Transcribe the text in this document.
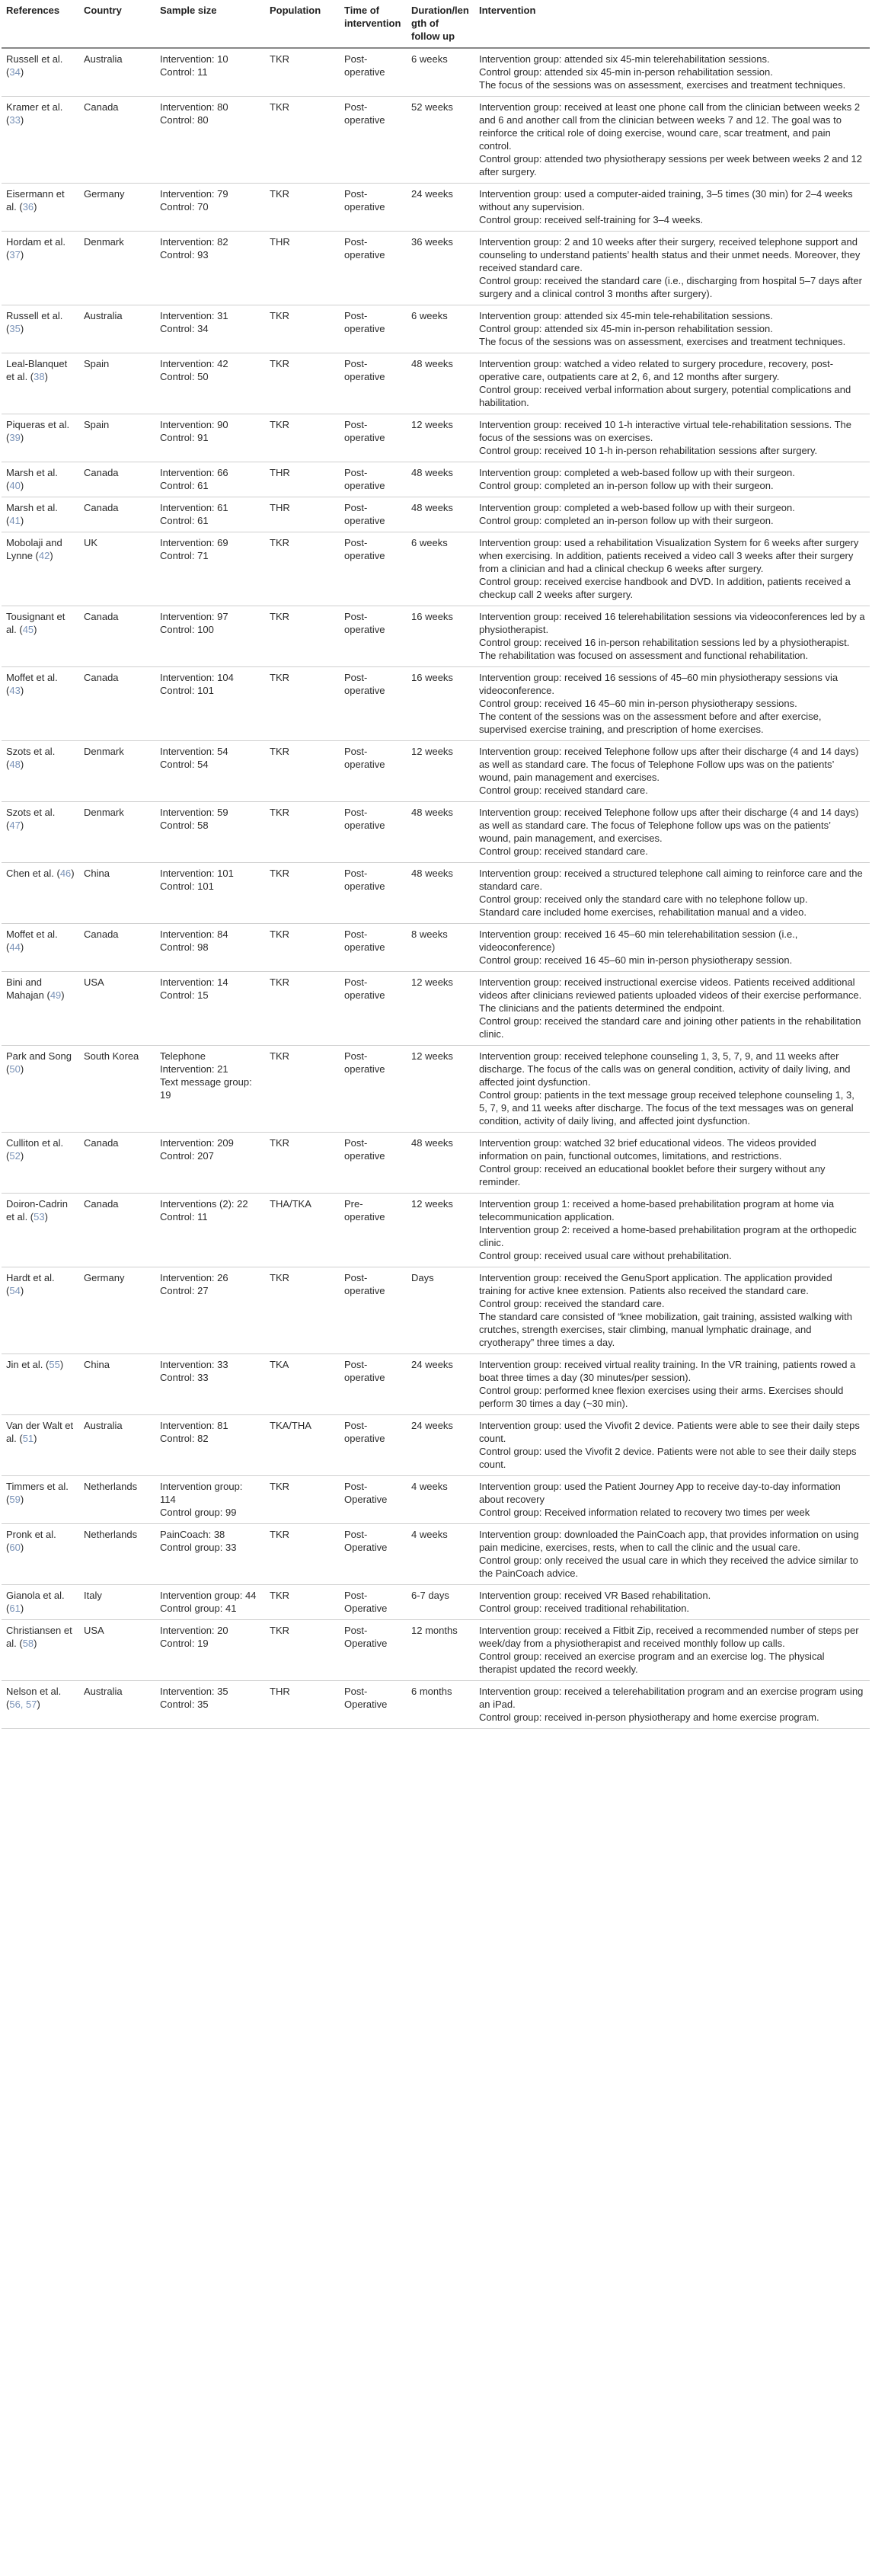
References	Country	Sample size	Population	Time of intervention	Duration/length of follow up	Intervention
Russell et al. (34)	Australia	Intervention: 10
Control: 11	TKR	Post-operative	6 weeks	Intervention group: attended six 45-min telerehabilitation sessions.
Control group: attended six 45-min in-person rehabilitation session.
The focus of the sessions was on assessment, exercises and treatment techniques.

Kramer et al. (33)	Canada	Intervention: 80
Control: 80	TKR	Post-operative	52 weeks	Intervention group: received at least one phone call from the clinician between weeks 2 and 6 and another call from the clinician between weeks 7 and 12. The goal was to reinforce the critical role of doing exercise, wound care, scar treatment, and pain control.
Control group: attended two physiotherapy sessions per week between weeks 2 and 12 after surgery.

Eisermann et al. (36)	Germany	Intervention: 79
Control: 70	TKR	Post-operative	24 weeks	Intervention group: used a computer-aided training, 3–5 times (30 min) for 2–4 weeks without any supervision.
Control group: received self-training for 3–4 weeks.

Hordam et al. (37)	Denmark	Intervention: 82
Control: 93	THR	Post-operative	36 weeks	Intervention group: 2 and 10 weeks after their surgery, received telephone support and counseling to understand patients’ health status and their unmet needs. Moreover, they received standard care.
Control group: received the standard care (i.e., discharging from hospital 5–7 days after surgery and a clinical control 3 months after surgery).

Russell et al. (35)	Australia	Intervention: 31
Control: 34	TKR	Post-operative	6 weeks	Intervention group: attended six 45-min tele-rehabilitation sessions.
Control group: attended six 45-min in-person rehabilitation session.
The focus of the sessions was on assessment, exercises and treatment techniques.

Leal-Blanquet et al. (38)	Spain	Intervention: 42
Control: 50	TKR	Post-operative	48 weeks	Intervention group: watched a video related to surgery procedure, recovery, post-operative care, outpatients care at 2, 6, and 12 months after surgery.
Control group: received verbal information about surgery, potential complications and habilitation.

Piqueras et al. (39)	Spain	Intervention: 90
Control: 91	TKR	Post-operative	12 weeks	Intervention group: received 10 1-h interactive virtual tele-rehabilitation sessions. The focus of the sessions was on exercises.
Control group: received 10 1-h in-person rehabilitation sessions after surgery.

Marsh et al. (40)	Canada	Intervention: 66
Control: 61	THR	Post-operative	48 weeks	Intervention group: completed a web-based follow up with their surgeon.
Control group: completed an in-person follow up with their surgeon.

Marsh et al. (41)	Canada	Intervention: 61
Control: 61	THR	Post-operative	48 weeks	Intervention group: completed a web-based follow up with their surgeon.
Control group: completed an in-person follow up with their surgeon.

Mobolaji and Lynne (42)	UK	Intervention: 69
Control: 71	TKR	Post-operative	6 weeks	Intervention group: used a rehabilitation Visualization System for 6 weeks after surgery when exercising. In addition, patients received a video call 3 weeks after their surgery from a clinician and had a clinical checkup 6 weeks after surgery.
Control group: received exercise handbook and DVD. In addition, patients received a checkup call 2 weeks after surgery.

Tousignant et al. (45)	Canada	Intervention: 97
Control: 100	TKR	Post-operative	16 weeks	Intervention group: received 16 telerehabilitation sessions via videoconferences led by a physiotherapist.
Control group: received 16 in-person rehabilitation sessions led by a physiotherapist.
The rehabilitation was focused on assessment and functional rehabilitation.

Moffet et al. (43)	Canada	Intervention: 104
Control: 101	TKR	Post-operative	16 weeks	Intervention group: received 16 sessions of 45–60 min physiotherapy sessions via videoconference.
Control group: received 16 45–60 min in-person physiotherapy sessions.
The content of the sessions was on the assessment before and after exercise, supervised exercise training, and prescription of home exercises.

Szots et al. (48)	Denmark	Intervention: 54
Control: 54	TKR	Post-operative	12 weeks	Intervention group: received Telephone follow ups after their discharge (4 and 14 days) as well as standard care. The focus of Telephone Follow ups was on the patients’ wound, pain management and exercises.
Control group: received standard care.

Szots et al. (47)	Denmark	Intervention: 59
Control: 58	TKR	Post-operative	48 weeks	Intervention group: received Telephone follow ups after their discharge (4 and 14 days) as well as standard care. The focus of Telephone follow ups was on the patients’ wound, pain management, and exercises.
Control group: received standard care.

Chen et al. (46)	China	Intervention: 101
Control: 101	TKR	Post-operative	48 weeks	Intervention group: received a structured telephone call aiming to reinforce care and the standard care.
Control group: received only the standard care with no telephone follow up.
Standard care included home exercises, rehabilitation manual and a video.

Moffet et al. (44)	Canada	Intervention: 84
Control: 98	TKR	Post-operative	8 weeks	Intervention group: received 16 45–60 min telerehabilitation session (i.e., videoconference)
Control group: received 16 45–60 min in-person physiotherapy session.

Bini and Mahajan (49)	USA	Intervention: 14
Control: 15	TKR	Post-operative	12 weeks	Intervention group: received instructional exercise videos. Patients received additional videos after clinicians reviewed patients uploaded videos of their exercise performance. The clinicians and the patients determined the endpoint.
Control group: received the standard care and joining other patients in the rehabilitation clinic.

Park and Song (50)	South Korea	Telephone Intervention: 21
Text message group: 19	TKR	Post-operative	12 weeks	Intervention group: received telephone counseling 1, 3, 5, 7, 9, and 11 weeks after discharge. The focus of the calls was on general condition, activity of daily living, and affected joint dysfunction.
Control group: patients in the text message group received telephone counseling 1, 3, 5, 7, 9, and 11 weeks after discharge. The focus of the text messages was on general condition, activity of daily living, and affected joint dysfunction.

Culliton et al. (52)	Canada	Intervention: 209
Control: 207	TKR	Post-operative	48 weeks	Intervention group: watched 32 brief educational videos. The videos provided information on pain, functional outcomes, limitations, and restrictions.
Control group: received an educational booklet before their surgery without any reminder.

Doiron-Cadrin et al. (53)	Canada	Interventions (2): 22
Control: 11	THA/TKA	Pre-operative	12 weeks	Intervention group 1: received a home-based prehabilitation program at home via telecommunication application.
Intervention group 2: received a home-based prehabilitation program at the orthopedic clinic.
Control group: received usual care without prehabilitation.

Hardt et al. (54)	Germany	Intervention: 26
Control: 27	TKR	Post-operative	Days	Intervention group: received the GenuSport application. The application provided training for active knee extension. Patients also received the standard care.
Control group: received the standard care.
The standard care consisted of “knee mobilization, gait training, assisted walking with crutches, strength exercises, stair climbing, manual lymphatic drainage, and cryotherapy” three times a day.

Jin et al. (55)	China	Intervention: 33
Control: 33	TKA	Post-operative	24 weeks	Intervention group: received virtual reality training. In the VR training, patients rowed a boat three times a day (30 minutes/per session).
Control group: performed knee flexion exercises using their arms. Exercises should perform 30 times a day (~30 min).

Van der Walt et al. (51)	Australia	Intervention: 81
Control: 82	TKA/THA	Post-operative	24 weeks	Intervention group: used the Vivofit 2 device. Patients were able to see their daily steps count.
Control group: used the Vivofit 2 device. Patients were not able to see their daily steps count.

Timmers et al. (59)	Netherlands	Intervention group: 114
Control group: 99	TKR	Post-Operative	4 weeks	Intervention group: used the Patient Journey App to receive day-to-day information about recovery
Control group: Received information related to recovery two times per week

Pronk et al. (60)	Netherlands	PainCoach: 38
Control group: 33	TKR	Post-Operative	4 weeks	Intervention group: downloaded the PainCoach app, that provides information on using pain medicine, exercises, rests, when to call the clinic and the usual care.
Control group: only received the usual care in which they received the advice similar to the PainCoach advice.

Gianola et al. (61)	Italy	Intervention group: 44
Control group: 41	TKR	Post-Operative	6-7 days	Intervention group: received VR Based rehabilitation.
Control group: received traditional rehabilitation.

Christiansen et al. (58)	USA	Intervention: 20
Control: 19	TKR	Post-Operative	12 months	Intervention group: received a Fitbit Zip, received a recommended number of steps per week/day from a physiotherapist and received monthly follow up calls.
Control group: received an exercise program and an exercise log. The physical therapist updated the record weekly.

Nelson et al. (56, 57)	Australia	Intervention: 35
Control: 35	THR	Post-Operative	6 months	Intervention group: received a telerehabilitation program and an exercise program using an iPad.
Control group: received in-person physiotherapy and home exercise program.
